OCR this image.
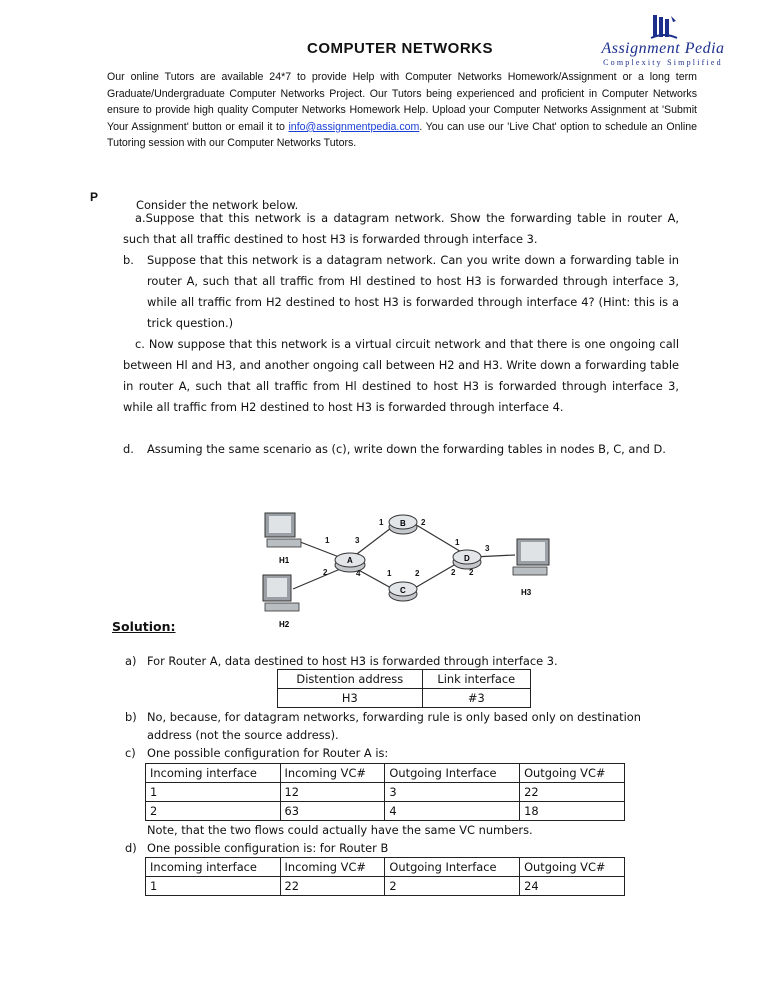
COMPUTER NETWORKS	Assignment Pedia
Complexity Simplified
Our online Tutors are available 24*7 to provide Help with Computer Networks Homework/Assignment or a long term Graduate/Undergraduate Computer Networks Project. Our Tutors being experienced and proficient in Computer Networks ensure to provide high quality Computer Networks Homework Help. Upload your Computer Networks Assignment at 'Submit Your Assignment' button or email it to info@assignmentpedia.com. You can use our 'Live Chat' option to schedule an Online Tutoring session with our Computer Networks Tutors.
P
Consider the network below.
a.Suppose that this network is a datagram network. Show the forwarding table in router A, such that all traffic destined to host H3 is forwarded through interface 3.
b. Suppose that this network is a datagram network. Can you write down a forwarding table in router A, such that all traffic from Hl destined to host H3 is forwarded through interface 3, while all traffic from H2 destined to host H3 is forwarded through interface 4? (Hint: this is a trick question.)
c. Now suppose that this network is a virtual circuit network and that there is one ongoing call between Hl and H3, and another ongoing call between H2 and H3. Write down a forwarding table in router A, such that all traffic from Hl destined to host H3 is forwarded through interface 3, while all traffic from H2 destined to host H3 is forwarded through interface 4.
d. Assuming the same scenario as (c), write down the forwarding tables in nodes B, C, and D.
H1
H2
H3
A
B
C
D
1	3
2	4
1	2
1	2
3
1
2 2
Solution:
a) For Router A, data destined to host H3 is forwarded through interface 3.
Distention address	Link interface
H3	#3
b) No, because, for datagram networks, forwarding rule is only based only on destination address (not the source address).
c) One possible configuration for Router A is:
Incoming interface	Incoming VC#	Outgoing Interface	Outgoing VC#
1	12	3	22
2	63	4	18
Note, that the two flows could actually have the same VC numbers.
d) One possible configuration is: for Router B
Incoming interface	Incoming VC#	Outgoing Interface	Outgoing VC#
1	22	2	24
